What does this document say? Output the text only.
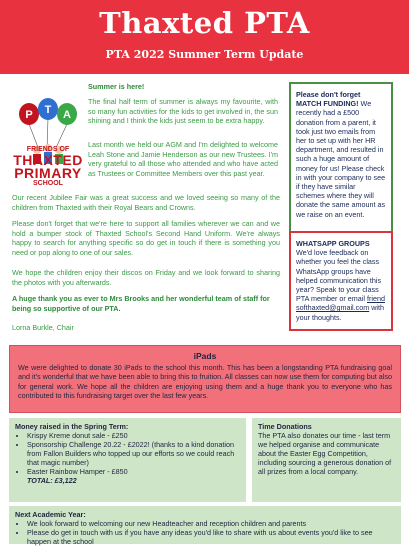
Thaxted PTA
PTA 2022 Summer Term Update
P T A
FRIENDS OF
THAXTED
PRIMARY
SCHOOL

Summer is here!

The final half term of summer is always my favourite, with so many fun activities for the kids to get involved in, the sun shining and I think the kids just seem to be extra happy.

Last month we held our AGM and I'm delighted to welcome Leah Stone and Jamie Henderson as our new Trustees. I'm very grateful to all those who attended and who have acted as Trustees or Committee Members over this past year.

Our recent Jubilee Fair was a great success and we loved seeing so many of the children from Thaxted with their Royal Bears and Crowns.

Please don't forget that we're here to support all families wherever we can and we hold a bumper stock of Thaxted School's Second Hand Uniform. We're always happy to search for anything specific so do get in touch if there is something you need or pop along to one of our sales.

We hope the children enjoy their discos on Friday and we look forward to sharing the photos with you afterwards.

A huge thank you as ever to Mrs Brooks and her wonderful team of staff for being so supportive of our PTA.

Lorna Burkle, Chair

Please don't forget MATCH FUNDING! We recently had a £500 donation from a parent, it took just two emails from her to set up with her HR department, and resulted in such a huge amount of money for us! Please check in with your company to see if they have similar schemes where they will donate the same amount as we raise on an event.
WHATSAPP GROUPS
We'd love feedback on whether you feel the class WhatsApp groups have helped communication this year? Speak to your class PTA member or email friendsofthaxted@gmail.com with your thoughts.
iPads
We were delighted to donate 30 iPads to the school this month. This has been a longstanding PTA fundraising goal and it's wonderful that we have been able to bring this to fruition. All classes can now use them for computing but also for general work. We hope all the children are enjoying using them and a huge thank you to everyone who has contributed to this fundraising target over the last few years.
Money raised in the Spring Term:
• Krispy Kreme donut sale - £250
• Sponsorship Challenge 20.22 - £2022! (thanks to a kind donation from Fallon Builders who topped up our efforts so we could reach that magic number)
• Easter Rainbow Hamper - £850
TOTAL: £3,122
Time Donations
The PTA also donates our time - last term we helped organise and communicate about the Easter Egg Competition, including sourcing a generous donation of all prizes from a local company.
Next Academic Year:
• We look forward to welcoming our new Headteacher and reception children and parents
• Please do get in touch with us if you have any ideas you'd like to share with us about events you'd like to see happen at the school
